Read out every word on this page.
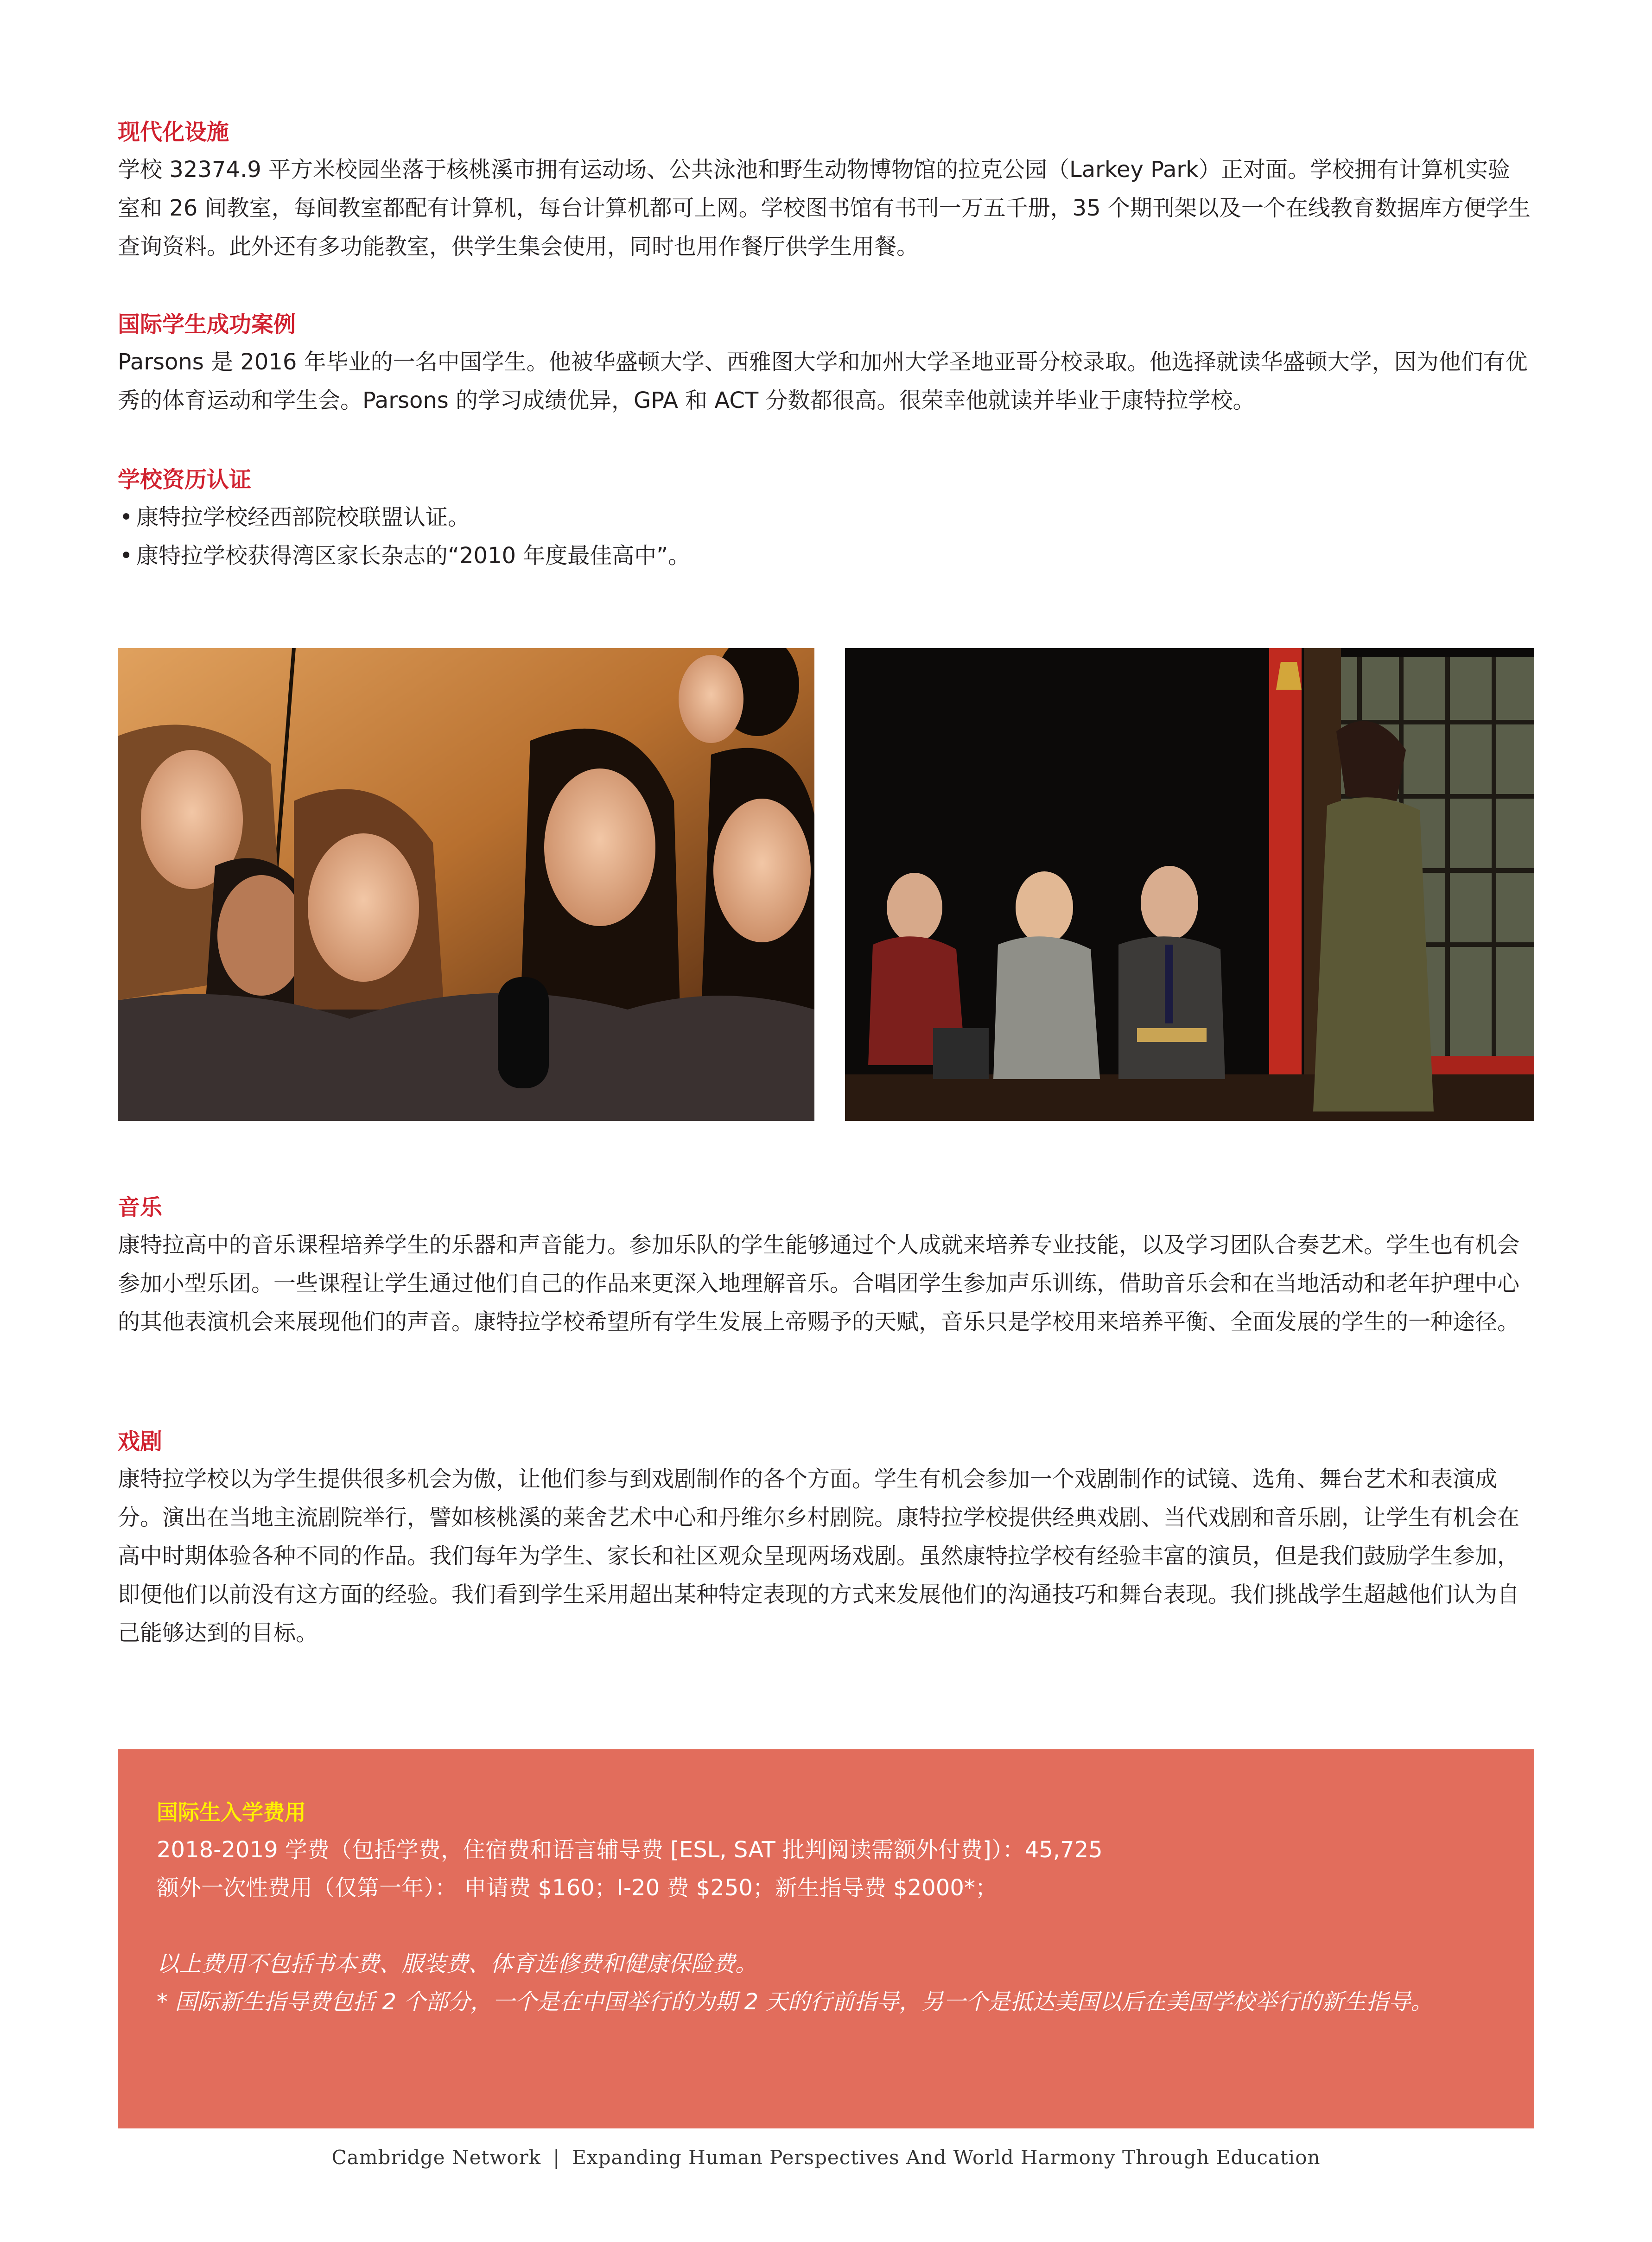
现代化设施

学校 32374.9 平方米校园坐落于核桃溪市拥有运动场、公共泳池和野生动物博物馆的拉克公园（Larkey Park）正对面。学校拥有计算机实验室和 26 间教室，每间教室都配有计算机，每台计算机都可上网。学校图书馆有书刊一万五千册，35 个期刊架以及一个在线教育数据库方便学生查询资料。此外还有多功能教室，供学生集会使用，同时也用作餐厅供学生用餐。

国际学生成功案例

Parsons 是 2016 年毕业的一名中国学生。他被华盛顿大学、西雅图大学和加州大学圣地亚哥分校录取。他选择就读华盛顿大学，因为他们有优秀的体育运动和学生会。Parsons 的学习成绩优异，GPA 和 ACT 分数都很高。很荣幸他就读并毕业于康特拉学校。

学校资历认证
• 康特拉学校经西部院校联盟认证。
• 康特拉学校获得湾区家长杂志的“2010 年度最佳高中”。
音乐

康特拉高中的音乐课程培养学生的乐器和声音能力。参加乐队的学生能够通过个人成就来培养专业技能，以及学习团队合奏艺术。学生也有机会参加小型乐团。一些课程让学生通过他们自己的作品来更深入地理解音乐。合唱团学生参加声乐训练，借助音乐会和在当地活动和老年护理中心的其他表演机会来展现他们的声音。康特拉学校希望所有学生发展上帝赐予的天赋，音乐只是学校用来培养平衡、全面发展的学生的一种途径。

戏剧

康特拉学校以为学生提供很多机会为傲，让他们参与到戏剧制作的各个方面。学生有机会参加一个戏剧制作的试镜、选角、舞台艺术和表演成分。演出在当地主流剧院举行，譬如核桃溪的莱舍艺术中心和丹维尔乡村剧院。康特拉学校提供经典戏剧、当代戏剧和音乐剧，让学生有机会在高中时期体验各种不同的作品。我们每年为学生、家长和社区观众呈现两场戏剧。虽然康特拉学校有经验丰富的演员，但是我们鼓励学生参加，即便他们以前没有这方面的经验。我们看到学生采用超出某种特定表现的方式来发展他们的沟通技巧和舞台表现。我们挑战学生超越他们认为自己能够达到的目标。

国际生入学费用
2018-2019 学费（包括学费，住宿费和语言辅导费 [ESL, SAT 批判阅读需额外付费]）：45,725
额外一次性费用（仅第一年）： 申请费 $160；I-20 费 $250；新生指导费 $2000*；
以上费用不包括书本费、服装费、体育选修费和健康保险费。
* 国际新生指导费包括 2 个部分，一个是在中国举行的为期 2 天的行前指导，另一个是抵达美国以后在美国学校举行的新生指导。
Cambridge Network | Expanding Human Perspectives And World Harmony Through Education
